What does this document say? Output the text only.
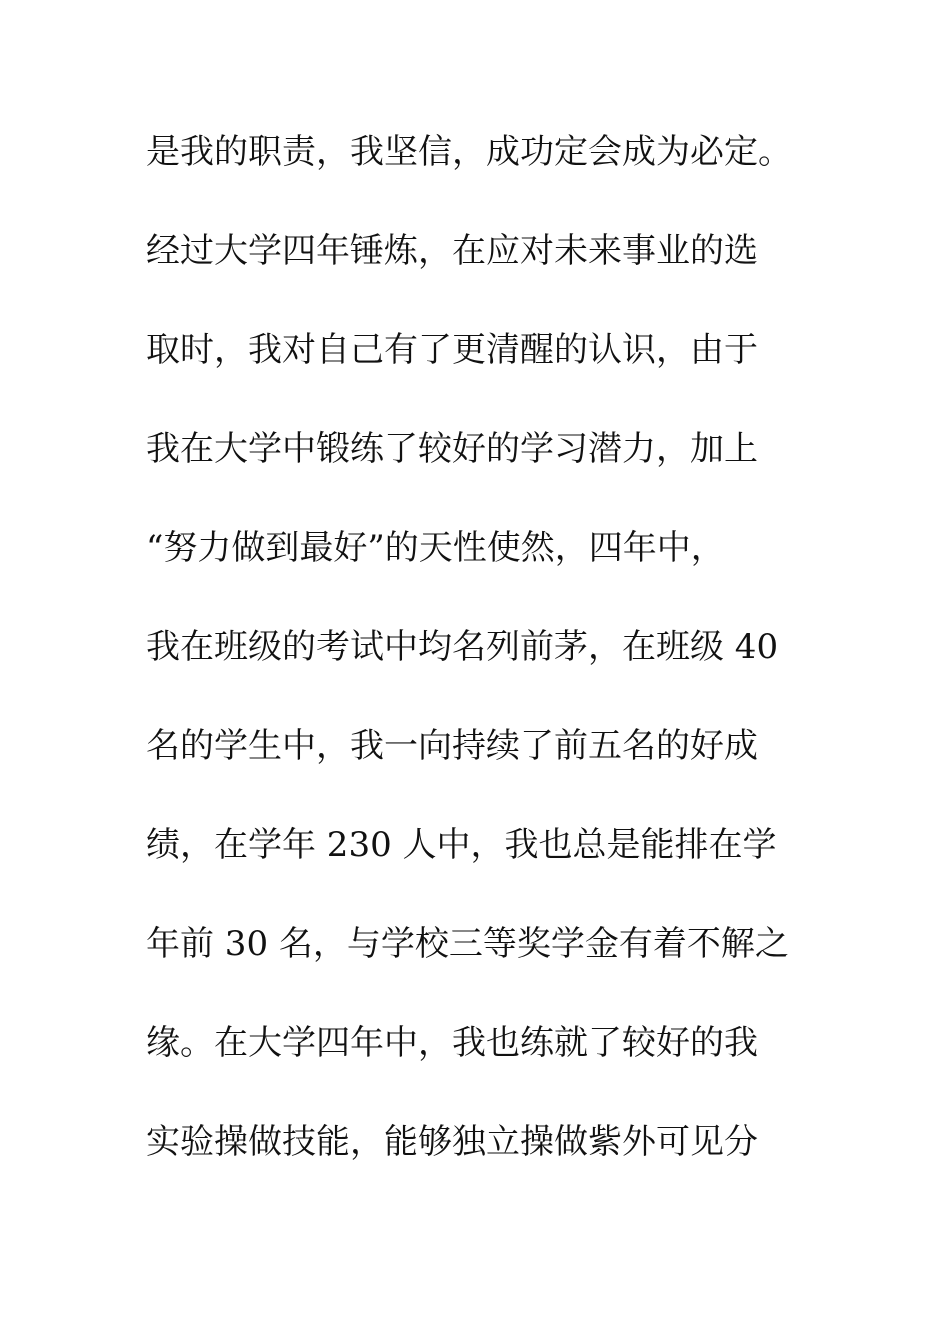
是我的职责，我坚信，成功定会成为必定。
经过大学四年锤炼，在应对未来事业的选
取时，我对自己有了更清醒的认识，由于
我在大学中锻练了较好的学习潜力，加上
“努力做到最好”的天性使然，四年中，
我在班级的考试中均名列前茅，在班级 40
名的学生中，我一向持续了前五名的好成
绩，在学年 230 人中，我也总是能排在学
年前 30 名，与学校三等奖学金有着不解之
缘。在大学四年中，我也练就了较好的我
实验操做技能，能够独立操做紫外可见分
